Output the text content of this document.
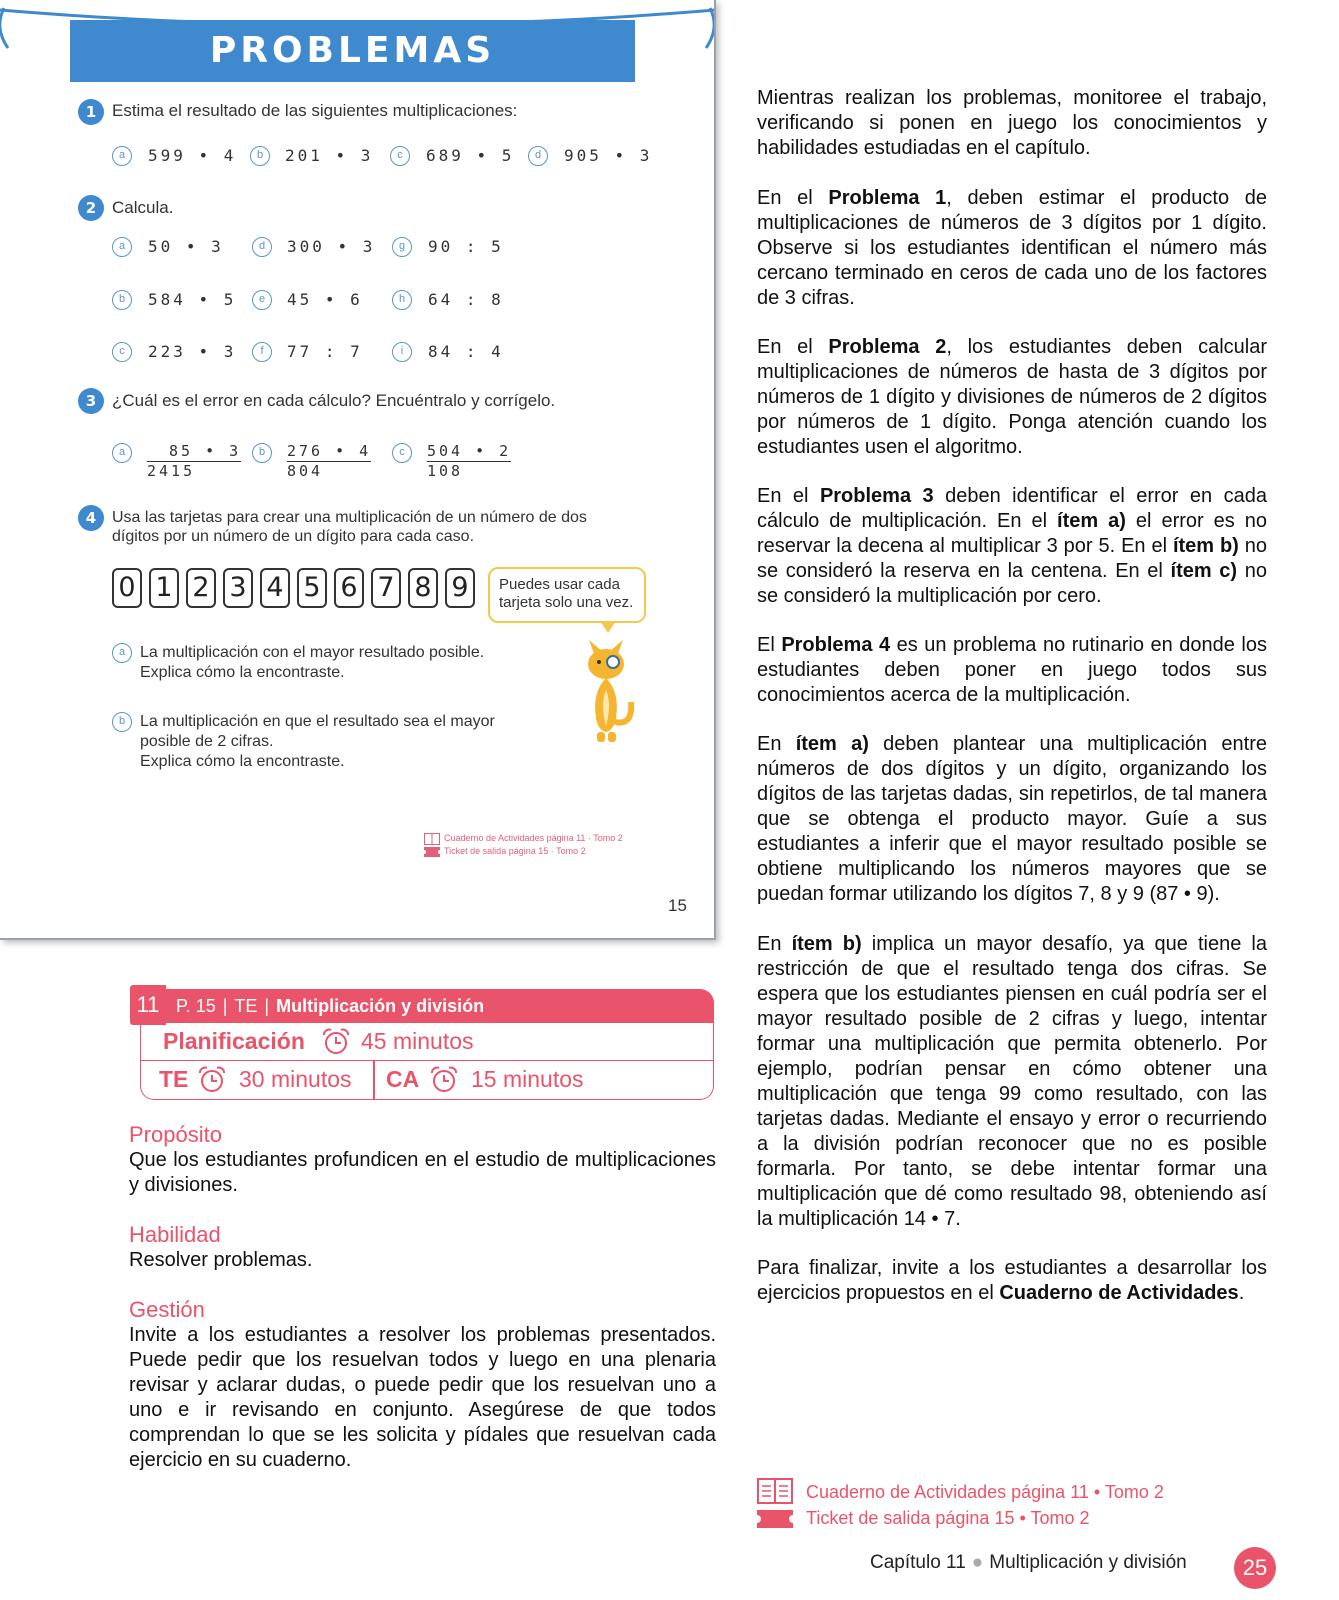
PROBLEMAS
1 Estima el resultado de las siguientes multiplicaciones:
a	599 • 4	b	201 • 3	c	689 • 5	d	905 • 3
2 Calcula.
a	50 • 3	d	300 • 3	g	90 : 5
b	584 • 5	e	45 • 6	h	64 : 8
c	223 • 3	f	77 : 7	i	84 : 4
3 ¿Cuál es el error en cada cálculo? Encuéntralo y corrígelo.
a	$\frac{85 • 3}{2415}$	b	$\frac{276 • 4}{804}$	c	$\frac{504 • 2}{108}$
4 Usa las tarjetas para crear una multiplicación de un número de dos
dígitos por un número de un dígito para cada caso.
0 1 2 3 4 5 6 7 8 9	Puedes usar cada tarjeta solo una vez.
a La multiplicación con el mayor resultado posible.
Explica cómo la encontraste.
b La multiplicación en que el resultado sea el mayor
posible de 2 cifras.
Explica cómo la encontraste.
Cuaderno de Actividades página 11 · Tomo 2
Ticket de salida página 15 · Tomo 2
15
11 P. 15 | TE | Multiplicación y división
Planificación 45 minutos
TE 30 minutos CA 15 minutos
Propósito
Que los estudiantes profundicen en el estudio de multiplicaciones y divisiones.
Habilidad
Resolver problemas.
Gestión
Invite a los estudiantes a resolver los problemas presentados. Puede pedir que los resuelvan todos y luego en una plenaria revisar y aclarar dudas, o puede pedir que los resuelvan uno a uno e ir revisando en conjunto. Asegúrese de que todos comprendan lo que se les solicita y pídales que resuelvan cada ejercicio en su cuaderno.
Mientras realizan los problemas, monitoree el trabajo, verificando si ponen en juego los conocimientos y habilidades estudiadas en el capítulo.
En el Problema 1, deben estimar el producto de multiplicaciones de números de 3 dígitos por 1 dígito. Observe si los estudiantes identifican el número más cercano terminado en ceros de cada uno de los factores de 3 cifras.
En el Problema 2, los estudiantes deben calcular multiplicaciones de números de hasta de 3 dígitos por números de 1 dígito y divisiones de números de 2 dígitos por números de 1 dígito. Ponga atención cuando los estudiantes usen el algoritmo.
En el Problema 3 deben identificar el error en cada cálculo de multiplicación. En el ítem a) el error es no reservar la decena al multiplicar 3 por 5. En el ítem b) no se consideró la reserva en la centena. En el ítem c) no se consideró la multiplicación por cero.
El Problema 4 es un problema no rutinario en donde los estudiantes deben poner en juego todos sus conocimientos acerca de la multiplicación.
En ítem a) deben plantear una multiplicación entre números de dos dígitos y un dígito, organizando los dígitos de las tarjetas dadas, sin repetirlos, de tal manera que se obtenga el producto mayor. Guíe a sus estudiantes a inferir que el mayor resultado posible se obtiene multiplicando los números mayores que se puedan formar utilizando los dígitos 7, 8 y 9 (87 • 9).
En ítem b) implica un mayor desafío, ya que tiene la restricción de que el resultado tenga dos cifras. Se espera que los estudiantes piensen en cuál podría ser el mayor resultado posible de 2 cifras y luego, intentar formar una multiplicación que permita obtenerlo. Por ejemplo, podrían pensar en cómo obtener una multiplicación que tenga 99 como resultado, con las tarjetas dadas. Mediante el ensayo y error o recurriendo a la división podrían reconocer que no es posible formarla. Por tanto, se debe intentar formar una multiplicación que dé como resultado 98, obteniendo así la multiplicación 14 • 7.
Para finalizar, invite a los estudiantes a desarrollar los ejercicios propuestos en el Cuaderno de Actividades.
Cuaderno de Actividades página 11 • Tomo 2
Ticket de salida página 15 • Tomo 2
Capítulo 11 ● Multiplicación y división	25
